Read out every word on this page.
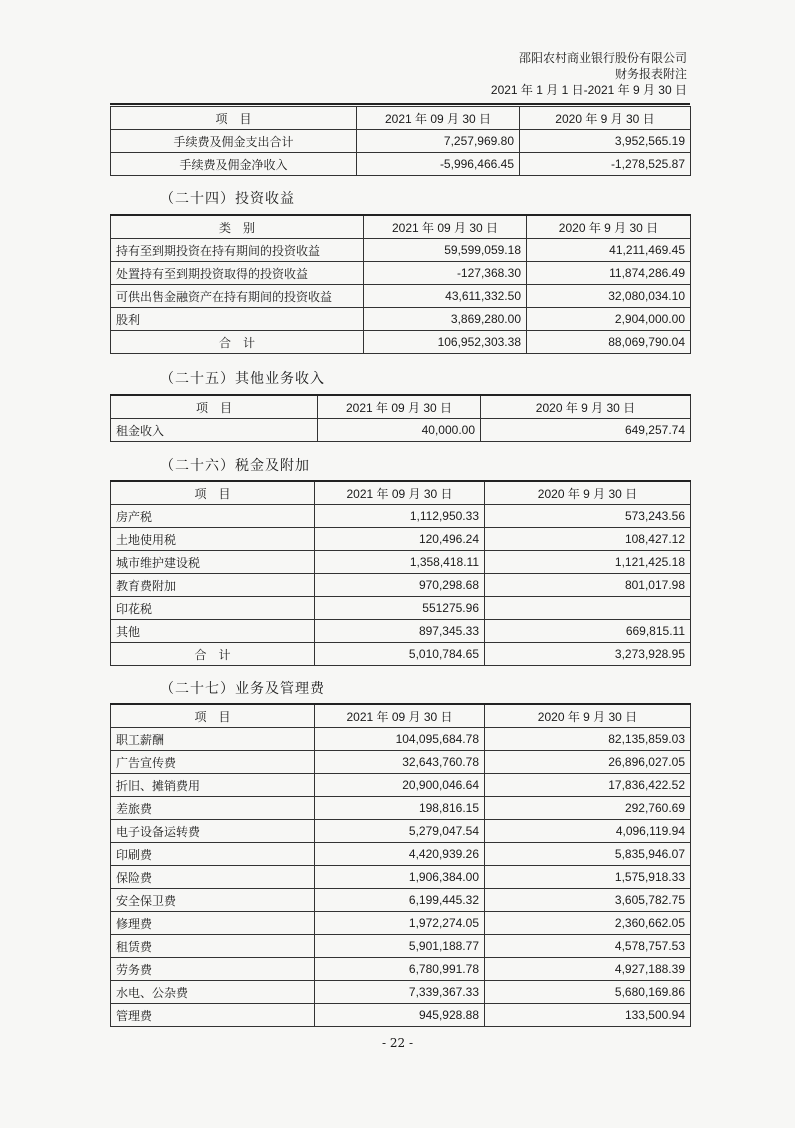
邵阳农村商业银行股份有限公司
财务报表附注
2021 年 1 月 1 日-2021 年 9 月 30 日
项　目	2021 年 09 月 30 日	2020 年 9 月 30 日
手续费及佣金支出合计	7,257,969.80	3,952,565.19
手续费及佣金净收入	-5,996,466.45	-1,278,525.87
（二十四）投资收益
类　别	2021 年 09 月 30 日	2020 年 9 月 30 日
持有至到期投资在持有期间的投资收益	59,599,059.18	41,211,469.45
处置持有至到期投资取得的投资收益	-127,368.30	11,874,286.49
可供出售金融资产在持有期间的投资收益	43,611,332.50	32,080,034.10
股利	3,869,280.00	2,904,000.00
合　计	106,952,303.38	88,069,790.04
（二十五）其他业务收入
项　目	2021 年 09 月 30 日	2020 年 9 月 30 日
租金收入	40,000.00	649,257.74
（二十六）税金及附加
项　目	2021 年 09 月 30 日	2020 年 9 月 30 日
房产税	1,112,950.33	573,243.56
土地使用税	120,496.24	108,427.12
城市维护建设税	1,358,418.11	1,121,425.18
教育费附加	970,298.68	801,017.98
印花税	551275.96	
其他	897,345.33	669,815.11
合　计	5,010,784.65	3,273,928.95
（二十七）业务及管理费
项　目	2021 年 09 月 30 日	2020 年 9 月 30 日
职工薪酬	104,095,684.78	82,135,859.03
广告宣传费	32,643,760.78	26,896,027.05
折旧、摊销费用	20,900,046.64	17,836,422.52
差旅费	198,816.15	292,760.69
电子设备运转费	5,279,047.54	4,096,119.94
印刷费	4,420,939.26	5,835,946.07
保险费	1,906,384.00	1,575,918.33
安全保卫费	6,199,445.32	3,605,782.75
修理费	1,972,274.05	2,360,662.05
租赁费	5,901,188.77	4,578,757.53
劳务费	6,780,991.78	4,927,188.39
水电、公杂费	7,339,367.33	5,680,169.86
管理费	945,928.88	133,500.94
- 22 -
